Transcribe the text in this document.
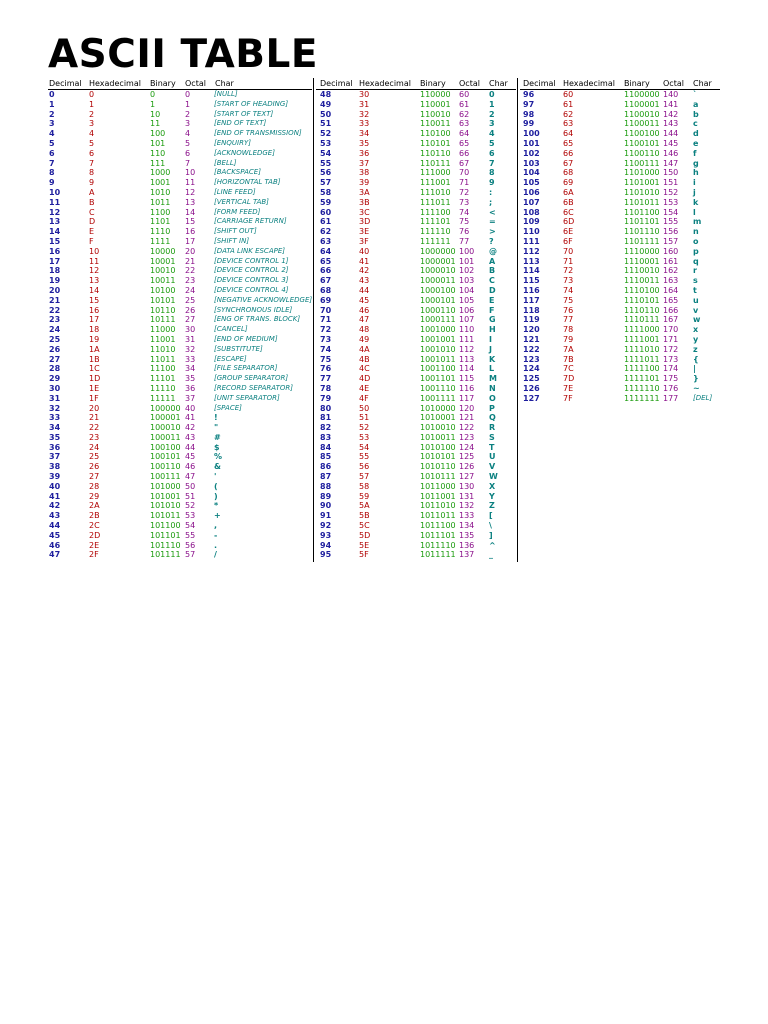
ASCII TABLE
Decimal Hexadecimal Binary Octal Char
0	0	0	0	[NULL]
1	1	1	1	[START OF HEADING]
2	2	10	2	[START OF TEXT]
3	3	11	3	[END OF TEXT]
4	4	100 4	[END OF TRANSMISSION]
5	5	101 5	[ENQUIRY]
6	6	110 6	[ACKNOWLEDGE]
7	7	111 7	[BELL]
8	8	1000 10	[BACKSPACE]
9	9	1001 11	[HORIZONTAL TAB]
10	A	1010 12	[LINE FEED]
11	B	1011 13	[VERTICAL TAB]
12	C	1100 14	[FORM FEED]
13	D	1101 15	[CARRIAGE RETURN]
14	E	1110 16	[SHIFT OUT]
15	F	1111 17	[SHIFT IN]
16	10	10000 20	[DATA LINK ESCAPE]
17	11	10001 21	[DEVICE CONTROL 1]
18	12	10010 22	[DEVICE CONTROL 2]
19	13	10011 23	[DEVICE CONTROL 3]
20	14	10100 24	[DEVICE CONTROL 4]
21	15	10101 25	[NEGATIVE ACKNOWLEDGE]
22	16	10110 26	[SYNCHRONOUS IDLE]
23	17	10111 27	[ENG OF TRANS. BLOCK]
24	18	11000 30	[CANCEL]
25	19	11001 31	[END OF MEDIUM]
26	1A	11010 32	[SUBSTITUTE]
27	1B	11011 33	[ESCAPE]
28	1C	11100 34	[FILE SEPARATOR]
29	1D	11101 35	[GROUP SEPARATOR]
30	1E	11110 36	[RECORD SEPARATOR]
31	1F	11111 37	[UNIT SEPARATOR]
32	20	100000 40	[SPACE]
33	21	100001 41 !
34	22	100010 42 "
35	23	100011 43 #
36	24	100100 44 $
37	25	100101 45 %
38	26	100110 46 &
39	27	100111 47 '
40	28	101000 50 (
41	29	101001 51 )
42	2A	101010 52 *
43	2B	101011 53 +
44	2C	101100 54 ,
45	2D	101101 55 -
46	2E	101110 56 .
47	2F	101111 57 /
Decimal Hexadecimal Binary Octal Char
48	30	110000 60 0
49	31	110001 61 1
50	32	110010 62 2
51	33	110011 63 3
52	34	110100 64 4
53	35	110101 65 5
54	36	110110 66 6
55	37	110111 67 7
56	38	111000 70 8
57	39	111001 71 9
58	3A	111010 72 :
59	3B	111011 73 ;
60	3C	111100 74 <
61	3D	111101 75 =
62	3E	111110 76 >
63	3F	111111 77 ?
64	40	1000000 100 @
65	41	1000001 101 A
66	42	1000010 102 B
67	43	1000011 103 C
68	44	1000100 104 D
69	45	1000101 105 E
70	46	1000110 106 F
71	47	1000111 107 G
72	48	1001000 110 H
73	49	1001001 111 I
74	4A	1001010 112 J
75	4B	1001011 113 K
76	4C	1001100 114 L
77	4D	1001101 115 M
78	4E	1001110 116 N
79	4F	1001111 117 O
80	50	1010000 120 P
81	51	1010001 121 Q
82	52	1010010 122 R
83	53	1010011 123 S
84	54	1010100 124 T
85	55	1010101 125 U
86	56	1010110 126 V
87	57	1010111 127 W
88	58	1011000 130 X
89	59	1011001 131 Y
90	5A	1011010 132 Z
91	5B	1011011 133 [
92	5C	1011100 134 \
93	5D	1011101 135 ]
94	5E	1011110 136 ^
95	5F	1011111 137 _
Decimal Hexadecimal Binary Octal Char
96	60	1100000 140 `
97	61	1100001 141 a
98	62	1100010 142 b
99	63	1100011 143 c
100	64	1100100 144 d
101	65	1100101 145 e
102	66	1100110 146 f
103	67	1100111 147 g
104	68	1101000 150 h
105	69	1101001 151 i
106	6A	1101010 152 j
107	6B	1101011 153 k
108	6C	1101100 154 l
109	6D	1101101 155 m
110	6E	1101110 156 n
111	6F	1101111 157 o
112	70	1110000 160 p
113	71	1110001 161 q
114	72	1110010 162 r
115	73	1110011 163 s
116	74	1110100 164 t
117	75	1110101 165 u
118	76	1110110 166 v
119	77	1110111 167 w
120	78	1111000 170 x
121	79	1111001 171 y
122	7A	1111010 172 z
123	7B	1111011 173 {
124	7C	1111100 174 |
125	7D	1111101 175 }
126	7E	1111110 176 ~
127	7F	1111111 177 [DEL]
